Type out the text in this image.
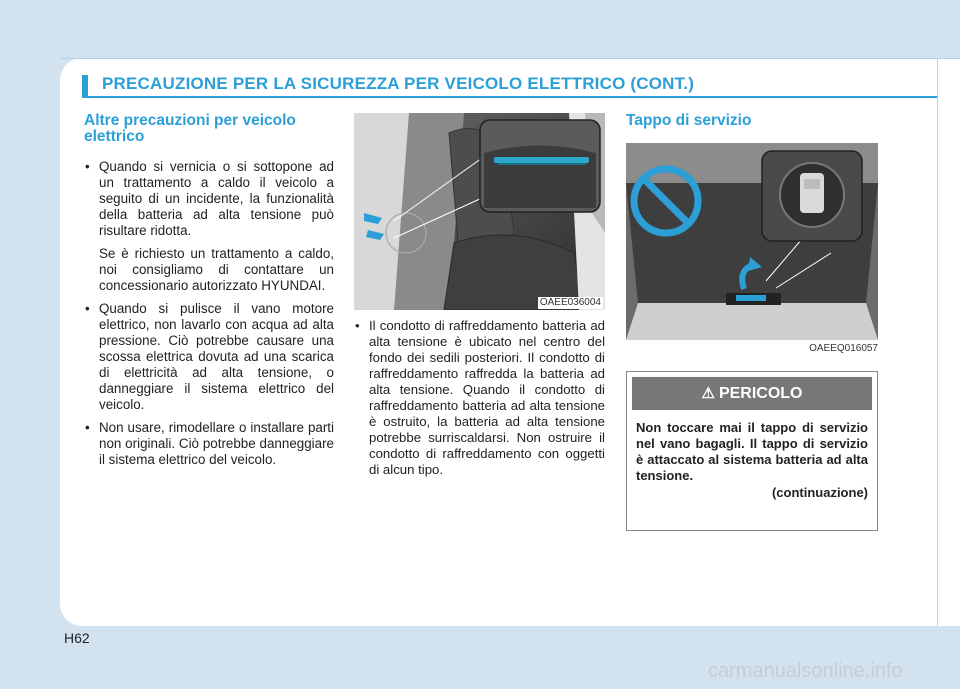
PRECAUZIONE PER LA SICUREZZA PER VEICOLO ELETTRICO (CONT.)
Altre precauzioni per veicolo elettrico
• Quando si vernicia o si sottopone ad un trattamento a caldo il veicolo a seguito di un incidente, la funzionalità della batteria ad alta tensione può risultare ridotta.

Se è richiesto un trattamento a caldo, noi consigliamo di contattare un concessionario autorizzato HYUNDAI.

• Quando si pulisce il vano motore elettrico, non lavarlo con acqua ad alta pressione. Ciò potrebbe causare una scossa elettrica dovuta ad una scarica di elettricità ad alta tensione, o danneggiare il sistema elettrico del veicolo.
• Non usare, rimodellare o installare parti non originali. Ciò potrebbe danneggiare il sistema elettrico del veicolo.
OAEE036004
• Il condotto di raffreddamento batteria ad alta tensione è ubicato nel centro del fondo dei sedili posteriori. Il condotto di raffreddamento raffredda la batteria ad alta tensione. Quando il condotto di raffreddamento batteria ad alta tensione è ostruito, la batteria ad alta tensione potrebbe surriscaldarsi. Non ostruire il condotto di raffreddamento con oggetti di alcun tipo.
Tappo di servizio
OAEEQ016057
⚠ PERICOLO
Non toccare mai il tappo di servizio nel vano bagagli. Il tappo di servizio è attaccato al sistema batteria ad alta tensione.
(continuazione)
H62
carmanualsonline.info
